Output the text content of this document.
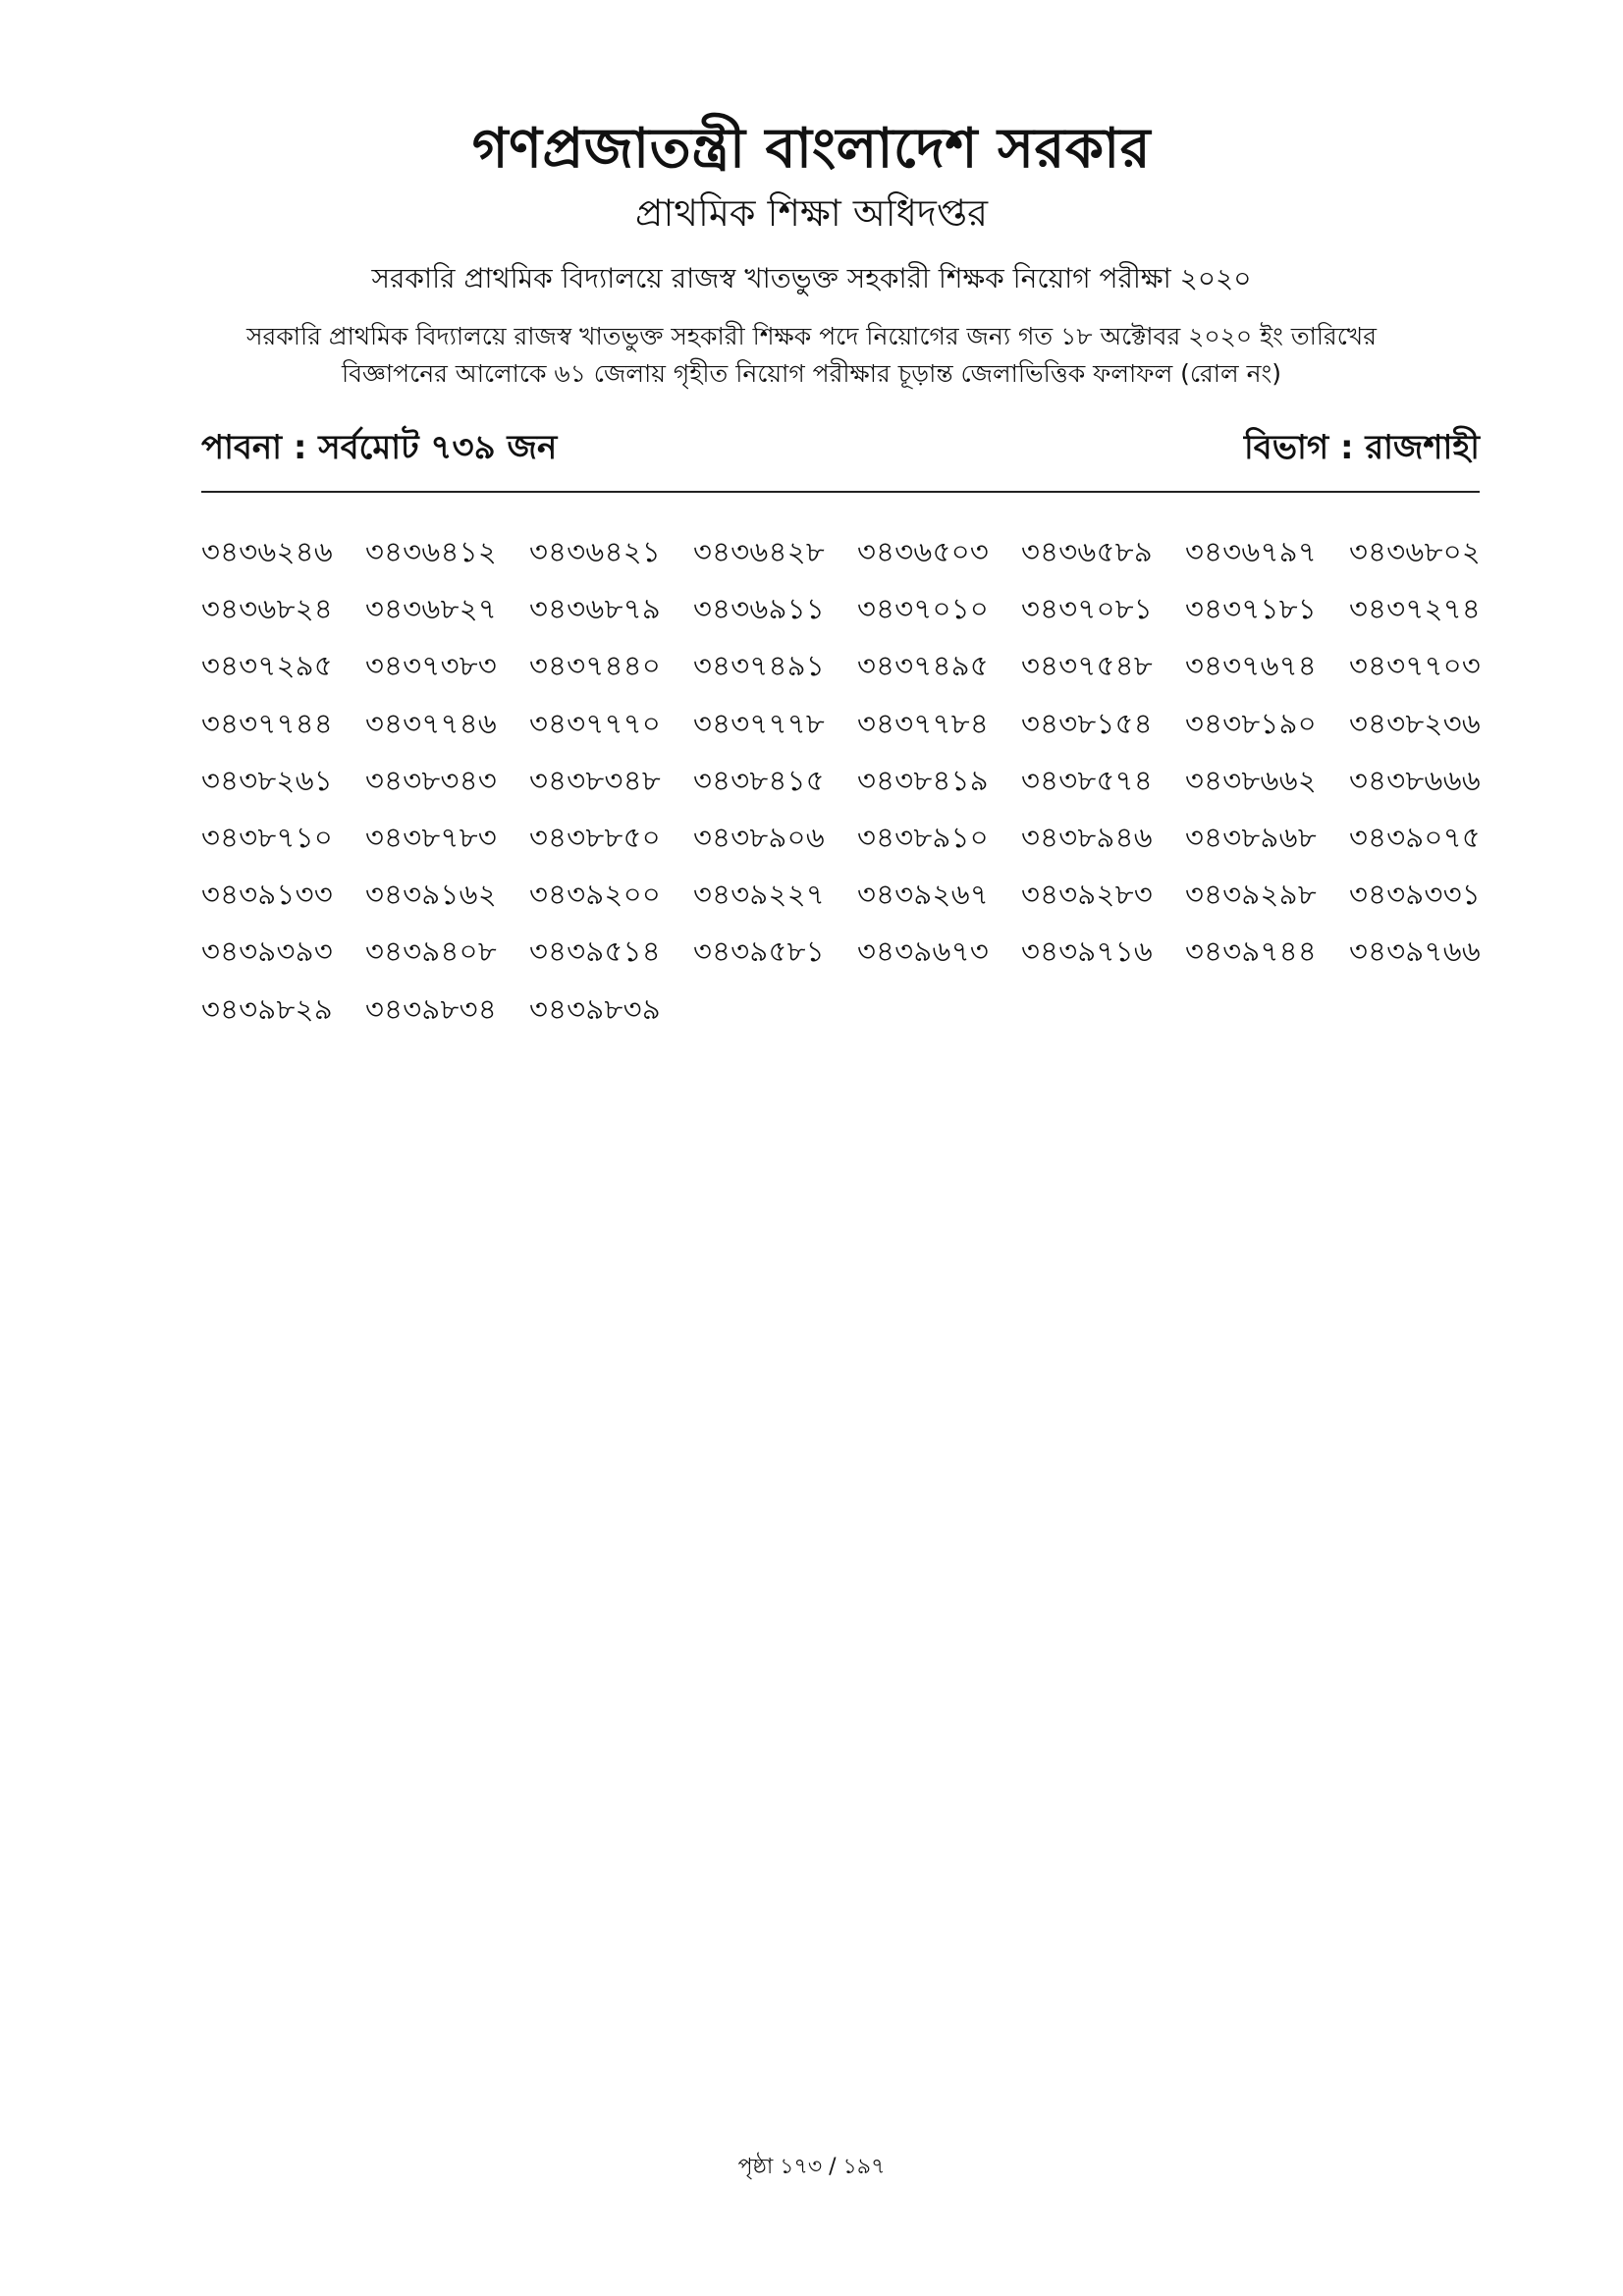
গণপ্রজাতন্ত্রী বাংলাদেশ সরকার
প্রাথমিক শিক্ষা অধিদপ্তর
সরকারি প্রাথমিক বিদ্যালয়ে রাজস্ব খাতভুক্ত সহকারী শিক্ষক নিয়োগ পরীক্ষা ২০২০
সরকারি প্রাথমিক বিদ্যালয়ে রাজস্ব খাতভুক্ত সহকারী শিক্ষক পদে নিয়োগের জন্য গত ১৮ অক্টোবর ২০২০ ইং তারিখের
বিজ্ঞাপনের আলোকে ৬১ জেলায় গৃহীত নিয়োগ পরীক্ষার চূড়ান্ত জেলাভিত্তিক ফলাফল (রোল নং)
পাবনা : সর্বমোট ৭৩৯ জন	বিভাগ : রাজশাহী
৩৪৩৬২৪৬	৩৪৩৬৪১২	৩৪৩৬৪২১	৩৪৩৬৪২৮	৩৪৩৬৫০৩	৩৪৩৬৫৮৯	৩৪৩৬৭৯৭	৩৪৩৬৮০২
৩৪৩৬৮২৪	৩৪৩৬৮২৭	৩৪৩৬৮৭৯	৩৪৩৬৯১১	৩৪৩৭০১০	৩৪৩৭০৮১	৩৪৩৭১৮১	৩৪৩৭২৭৪
৩৪৩৭২৯৫	৩৪৩৭৩৮৩	৩৪৩৭৪৪০	৩৪৩৭৪৯১	৩৪৩৭৪৯৫	৩৪৩৭৫৪৮	৩৪৩৭৬৭৪	৩৪৩৭৭০৩
৩৪৩৭৭৪৪	৩৪৩৭৭৪৬	৩৪৩৭৭৭০	৩৪৩৭৭৭৮	৩৪৩৭৭৮৪	৩৪৩৮১৫৪	৩৪৩৮১৯০	৩৪৩৮২৩৬
৩৪৩৮২৬১	৩৪৩৮৩৪৩	৩৪৩৮৩৪৮	৩৪৩৮৪১৫	৩৪৩৮৪১৯	৩৪৩৮৫৭৪	৩৪৩৮৬৬২	৩৪৩৮৬৬৬
৩৪৩৮৭১০	৩৪৩৮৭৮৩	৩৪৩৮৮৫০	৩৪৩৮৯০৬	৩৪৩৮৯১০	৩৪৩৮৯৪৬	৩৪৩৮৯৬৮	৩৪৩৯০৭৫
৩৪৩৯১৩৩	৩৪৩৯১৬২	৩৪৩৯২০০	৩৪৩৯২২৭	৩৪৩৯২৬৭	৩৪৩৯২৮৩	৩৪৩৯২৯৮	৩৪৩৯৩৩১
৩৪৩৯৩৯৩	৩৪৩৯৪০৮	৩৪৩৯৫১৪	৩৪৩৯৫৮১	৩৪৩৯৬৭৩	৩৪৩৯৭১৬	৩৪৩৯৭৪৪	৩৪৩৯৭৬৬
৩৪৩৯৮২৯	৩৪৩৯৮৩৪	৩৪৩৯৮৩৯
পৃষ্ঠা ১৭৩ / ১৯৭
